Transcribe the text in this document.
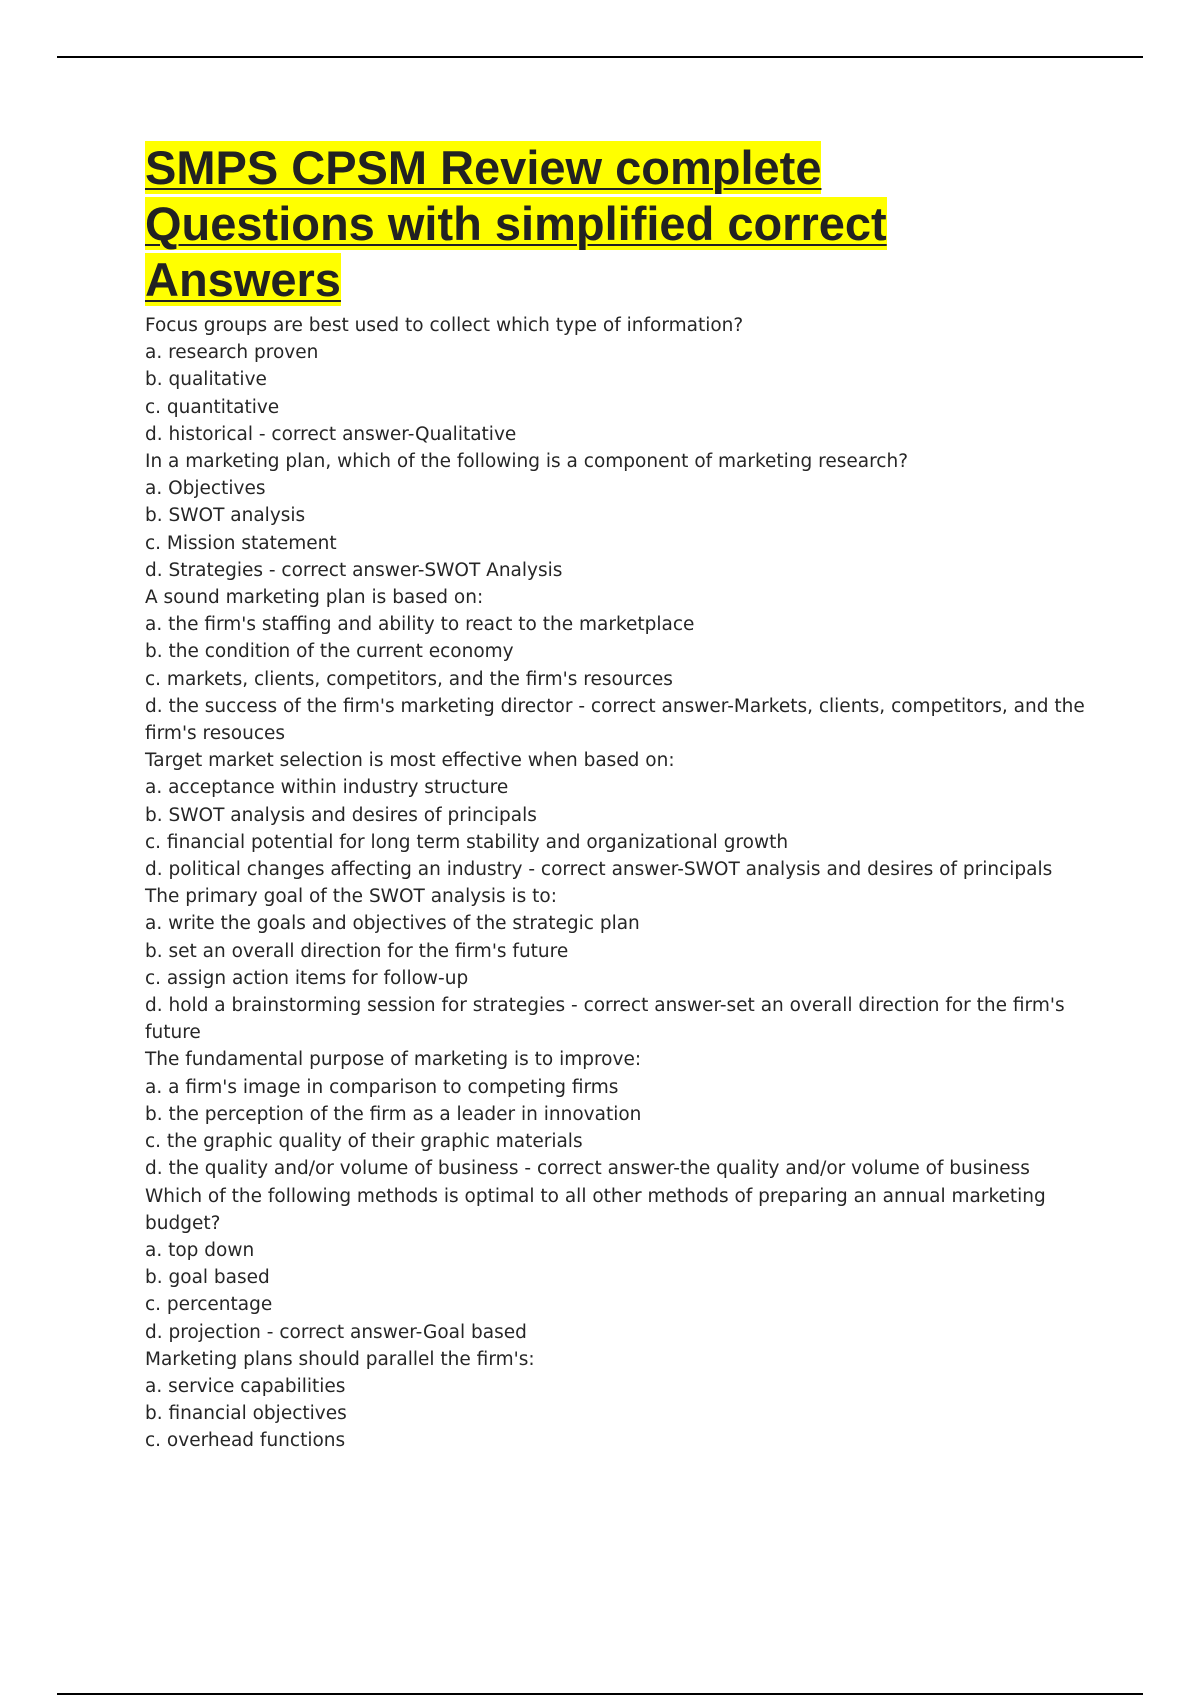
SMPS CPSM Review complete
Questions with simplified correct
Answers

Focus groups are best used to collect which type of information?

a. research proven

b. qualitative

c. quantitative

d. historical - correct answer-Qualitative

In a marketing plan, which of the following is a component of marketing research?

a. Objectives

b. SWOT analysis

c. Mission statement

d. Strategies - correct answer-SWOT Analysis

A sound marketing plan is based on:

a. the firm's staffing and ability to react to the marketplace

b. the condition of the current economy

c. markets, clients, competitors, and the firm's resources

d. the success of the firm's marketing director - correct answer-Markets, clients, competitors, and the firm's resouces

Target market selection is most effective when based on:

a. acceptance within industry structure

b. SWOT analysis and desires of principals

c. financial potential for long term stability and organizational growth

d. political changes affecting an industry - correct answer-SWOT analysis and desires of principals

The primary goal of the SWOT analysis is to:

a. write the goals and objectives of the strategic plan

b. set an overall direction for the firm's future

c. assign action items for follow-up

d. hold a brainstorming session for strategies - correct answer-set an overall direction for the firm's future

The fundamental purpose of marketing is to improve:

a. a firm's image in comparison to competing firms

b. the perception of the firm as a leader in innovation

c. the graphic quality of their graphic materials

d. the quality and/or volume of business - correct answer-the quality and/or volume of business

Which of the following methods is optimal to all other methods of preparing an annual marketing budget?

a. top down

b. goal based

c. percentage

d. projection - correct answer-Goal based

Marketing plans should parallel the firm's:

a. service capabilities

b. financial objectives

c. overhead functions
